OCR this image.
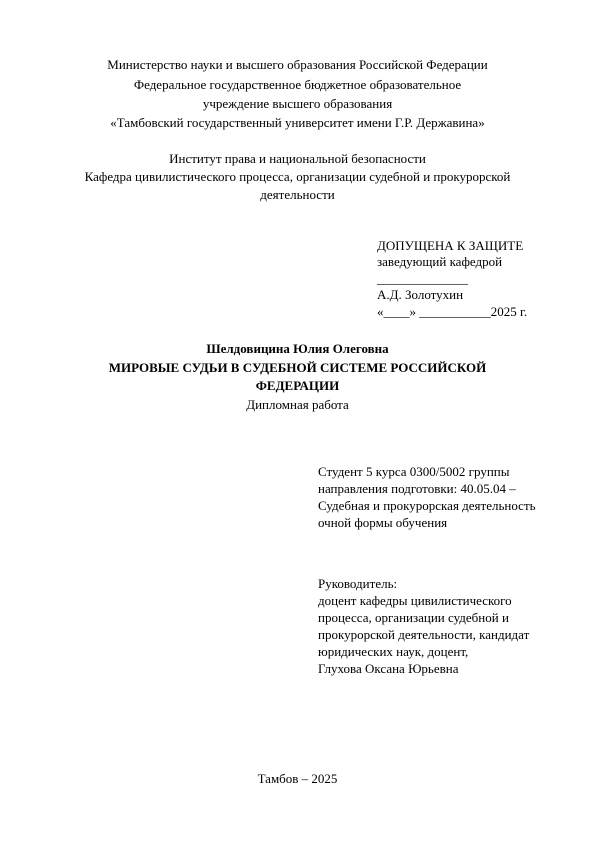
Министерство науки и высшего образования Российской Федерации
Федеральное государственное бюджетное образовательное
учреждение высшего образования
«Тамбовский государственный университет имени Г.Р. Державина»
Институт права и национальной безопасности
Кафедра цивилистического процесса, организации судебной и прокурорской
деятельности
ДОПУЩЕНА К ЗАЩИТЕ
заведующий кафедрой
______________
А.Д. Золотухин
«____» ___________2025 г.
Шелдовицина Юлия Олеговна
МИРОВЫЕ СУДЬИ В СУДЕБНОЙ СИСТЕМЕ РОССИЙСКОЙ
ФЕДЕРАЦИИ
Дипломная работа
Студент 5 курса 0300/5002 группы
направления подготовки: 40.05.04 –
Судебная и прокурорская деятельность
очной формы обучения
Руководитель:
доцент кафедры цивилистического
процесса, организации судебной и
прокурорской деятельности, кандидат
юридических наук, доцент,
Глухова Оксана Юрьевна
Тамбов – 2025
